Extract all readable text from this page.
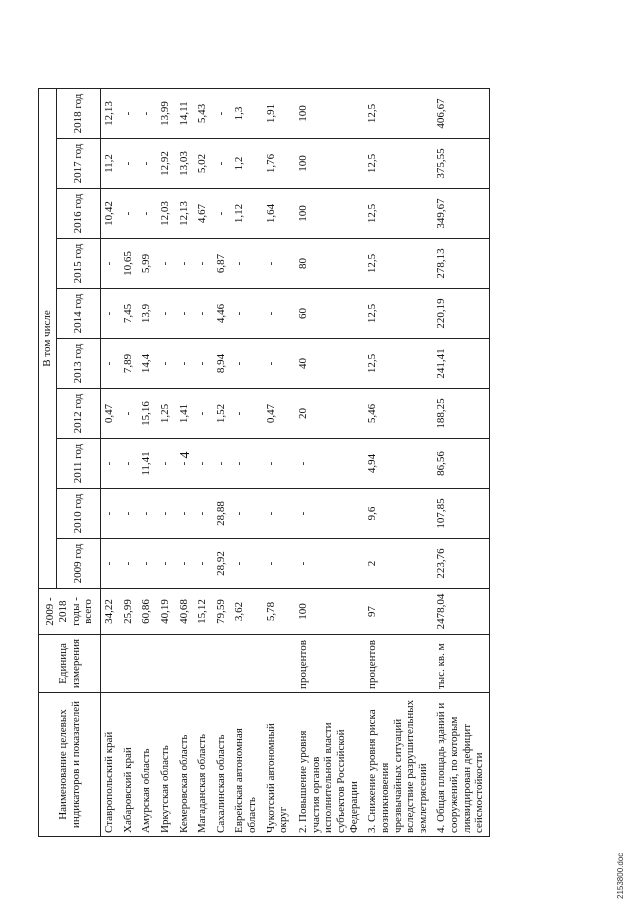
4
Наименование целевых индикаторов и показателей	Единица измерения	2009 - 2018 годы - всего	В том числе									
			2009 год	2010 год	2011 год	2012 год	2013 год	2014 год	2015 год	2016 год	2017 год	2018 год
Ставропольский край		34,22	-	-	-	0,47	-	-	-	10,42	11,2	12,13
Хабаровский край		25,99	-	-	-	-	7,89	7,45	10,65	-	-	-
Амурская область		60,86	-	-	11,41	15,16	14,4	13,9	5,99	-	-	-
Иркутская область		40,19	-	-	-	1,25	-	-	-	12,03	12,92	13,99
Кемеровская область		40,68	-	-	-	1,41	-	-	-	12,13	13,03	14,11
Магаданская область		15,12	-	-	-	-	-	-	-	4,67	5,02	5,43
Сахалинская область		79,59	28,92	28,88	-	1,52	8,94	4,46	6,87	-	-	-
Еврейская автономная область		3,62	-	-	-	-	-	-	-	1,12	1,2	1,3
Чукотский автономный округ		5,78	-	-	-	0,47	-	-	-	1,64	1,76	1,91
2. Повышение уровня участия органов исполнительной власти субъектов Российской Федерации	процентов	100	-	-	-	20	40	60	80	100	100	100
3. Снижение уровня риска возникновения чрезвычайных ситуаций вследствие разрушительных землетрясений	процентов	97	2	9,6	4,94	5,46	12,5	12,5	12,5	12,5	12,5	12,5
4. Общая площадь зданий и сооружений, по которым ликвидирован дефицит сейсмостойкости	тыс. кв. м	2478,04	223,76	107,85	86,56	188,25	241,41	220,19	278,13	349,67	375,55	406,67
2153800.doc
